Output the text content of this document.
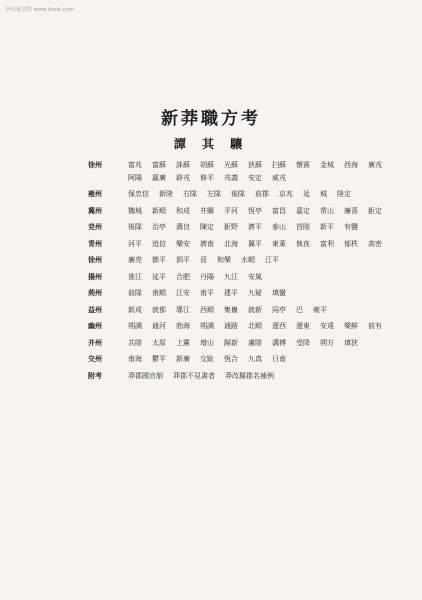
阿尔般书馆 www.book.com
新莽職方考
譚 其 驤
徐州	富兆 富蘇 誅蘇 胡蘇 光蘇 狄蘇 扫蘇 懷賓 金城 西海 廣戎
阿陽 嬴廣 辟戎 修平 戎義 安定 威戎
雍州	保忠信 新陸 右隊 左隊 後隊 前郡 京兆 延 城 陸定
冀州	魏城 新順 和成 井關 平河 恆亭 富昌 嘉定 常山 廉喜 鉅定
兗州	後隊 治亭 壽良 陳定 鉅野 濟平 泰山 莒陵 新平 有鹽
青州	河平 追信 樂安 濟南 北海 翼平 東萊 執夜 富利 郁秩 高密
徐州	廣亮 節平 泗平 晉 和樂 水順 江平
揚州	淮江 延平 合肥 丹陽 九江 安風
荊州	前隊 南順 江安 南平 建平 九疑 填蠻
益州	新成 就都 導江 西順 集巂 就新 同亭 巴 雍平
幽州	朔調 通河 勃海 朔調 通路 北順 遼西 遼東 安遠 樂鮮 前有
并州	共陰 太原 上黨 增山 歸新 虜陰 溝搏 受降 朔方 填狄
交州	南海 鬱平 新廣 交趾 恆合 九真 日南
附考	莽郡國官制 莽郡不見書者 莽改縣郡名補例
